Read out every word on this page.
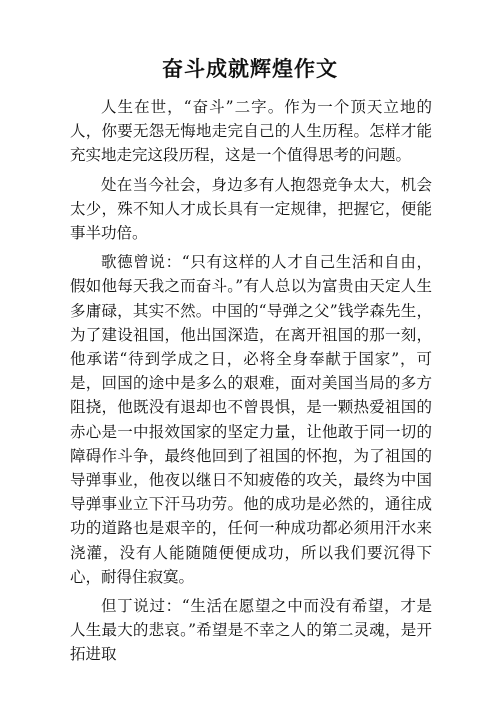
奋斗成就辉煌作文

人生在世，“奋斗”二字。作为一个顶天立地的人，你要无怨无悔地走完自己的人生历程。怎样才能充实地走完这段历程，这是一个值得思考的问题。

处在当今社会，身边多有人抱怨竞争太大，机会太少，殊不知人才成长具有一定规律，把握它，便能事半功倍。

歌德曾说：“只有这样的人才自己生活和自由，假如他每天我之而奋斗。”有人总以为富贵由天定人生多庸碌，其实不然。中国的“导弹之父”钱学森先生，为了建设祖国，他出国深造，在离开祖国的那一刻，他承诺“待到学成之日，必将全身奉献于国家”，可是，回国的途中是多么的艰难，面对美国当局的多方阻挠，他既没有退却也不曾畏惧，是一颗热爱祖国的赤心是一中报效国家的坚定力量，让他敢于同一切的障碍作斗争，最终他回到了祖国的怀抱，为了祖国的导弹事业，他夜以继日不知疲倦的攻关，最终为中国导弹事业立下汗马功劳。他的成功是必然的，通往成功的道路也是艰辛的，任何一种成功都必须用汗水来浇灌，没有人能随随便便成功，所以我们要沉得下心，耐得住寂寞。

但丁说过：“生活在愿望之中而没有希望，才是人生最大的悲哀。”希望是不幸之人的第二灵魂，是开拓进取
